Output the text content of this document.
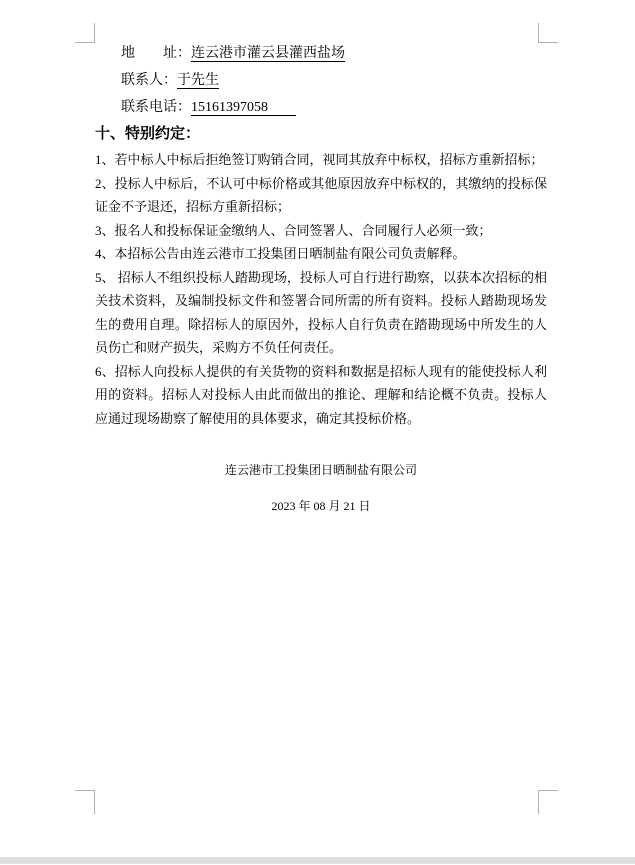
地　　址：连云港市灌云县灌西盐场

联系人：于先生

联系电话：15161397058

十、特别约定：

1、若中标人中标后拒绝签订购销合同，视同其放弃中标权，招标方重新招标；

2、投标人中标后，不认可中标价格或其他原因放弃中标权的，其缴纳的投标保证金不予退还，招标方重新招标；

3、报名人和投标保证金缴纳人、合同签署人、合同履行人必须一致；

4、本招标公告由连云港市工投集团日晒制盐有限公司负责解释。

5、 招标人不组织投标人踏勘现场，投标人可自行进行勘察，以获本次招标的相关技术资料，及编制投标文件和签署合同所需的所有资料。投标人踏勘现场发生的费用自理。除招标人的原因外，投标人自行负责在踏勘现场中所发生的人员伤亡和财产损失，采购方不负任何责任。

6、招标人向投标人提供的有关货物的资料和数据是招标人现有的能使投标人利用的资料。招标人对投标人由此而做出的推论、理解和结论概不负责。投标人应通过现场勘察了解使用的具体要求，确定其投标价格。

连云港市工投集团日晒制盐有限公司

2023 年 08 月 21 日
